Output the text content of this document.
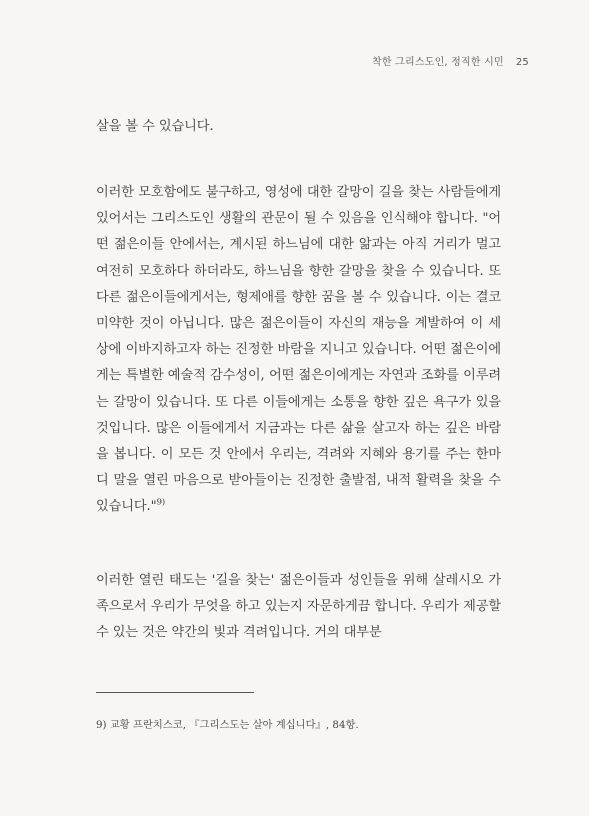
착한 그리스도인, 정직한 시민 25

살을 볼 수 있습니다.

이러한 모호함에도 불구하고, 영성에 대한 갈망이 길을 찾는 사람들에게 있어서는 그리스도인 생활의 관문이 될 수 있음을 인식해야 합니다. "어떤 젊은이들 안에서는, 계시된 하느님에 대한 앎과는 아직 거리가 멀고 여전히 모호하다 하더라도, 하느님을 향한 갈망을 찾을 수 있습니다. 또 다른 젊은이들에게서는, 형제애를 향한 꿈을 볼 수 있습니다. 이는 결코 미약한 것이 아닙니다. 많은 젊은이들이 자신의 재능을 계발하여 이 세상에 이바지하고자 하는 진정한 바람을 지니고 있습니다. 어떤 젊은이에게는 특별한 예술적 감수성이, 어떤 젊은이에게는 자연과 조화를 이루려는 갈망이 있습니다. 또 다른 이들에게는 소통을 향한 깊은 욕구가 있을 것입니다. 많은 이들에게서 지금과는 다른 삶을 살고자 하는 깊은 바람을 봅니다. 이 모든 것 안에서 우리는, 격려와 지혜와 용기를 주는 한마디 말을 열린 마음으로 받아들이는 진정한 출발점, 내적 활력을 찾을 수 있습니다."$^{9)}$

이러한 열린 태도는 '길을 찾는' 젊은이들과 성인들을 위해 살레시오 가족으로서 우리가 무엇을 하고 있는지 자문하게끔 합니다. 우리가 제공할 수 있는 것은 약간의 빛과 격려입니다. 거의 대부분

9) 교황 프란치스코, 『그리스도는 살아 계십니다』, 84항.
